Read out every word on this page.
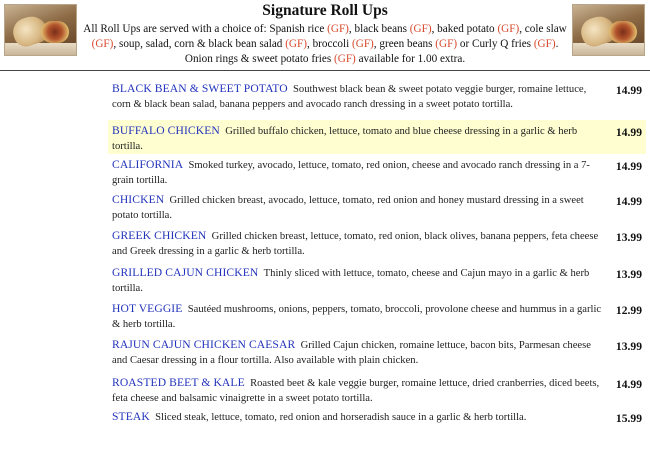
Signature Roll Ups
All Roll Ups are served with a choice of: Spanish rice (GF), black beans (GF), baked potato (GF), cole slaw (GF), soup, salad, corn & black bean salad (GF), broccoli (GF), green beans (GF) or Curly Q fries (GF). Onion rings & sweet potato fries (GF) available for 1.00 extra.
BLACK BEAN & SWEET POTATO Southwest black bean & sweet potato veggie burger, romaine lettuce, corn & black bean salad, banana peppers and avocado ranch dressing in a sweet potato tortilla.
14.99
BUFFALO CHICKEN Grilled buffalo chicken, lettuce, tomato and blue cheese dressing in a garlic & herb tortilla.
14.99
CALIFORNIA Smoked turkey, avocado, lettuce, tomato, red onion, cheese and avocado ranch dressing in a 7-grain tortilla.
14.99
CHICKEN Grilled chicken breast, avocado, lettuce, tomato, red onion and honey mustard dressing in a sweet potato tortilla.
14.99
GREEK CHICKEN Grilled chicken breast, lettuce, tomato, red onion, black olives, banana peppers, feta cheese and Greek dressing in a garlic & herb tortilla.
13.99
GRILLED CAJUN CHICKEN Thinly sliced with lettuce, tomato, cheese and Cajun mayo in a garlic & herb tortilla.
13.99
HOT VEGGIE Sautéed mushrooms, onions, peppers, tomato, broccoli, provolone cheese and hummus in a garlic & herb tortilla.
12.99
RAJUN CAJUN CHICKEN CAESAR Grilled Cajun chicken, romaine lettuce, bacon bits, Parmesan cheese and Caesar dressing in a flour tortilla. Also available with plain chicken.
13.99
ROASTED BEET & KALE Roasted beet & kale veggie burger, romaine lettuce, dried cranberries, diced beets, feta cheese and balsamic vinaigrette in a sweet potato tortilla.
14.99
STEAK Sliced steak, lettuce, tomato, red onion and horseradish sauce in a garlic & herb tortilla.	15.99
